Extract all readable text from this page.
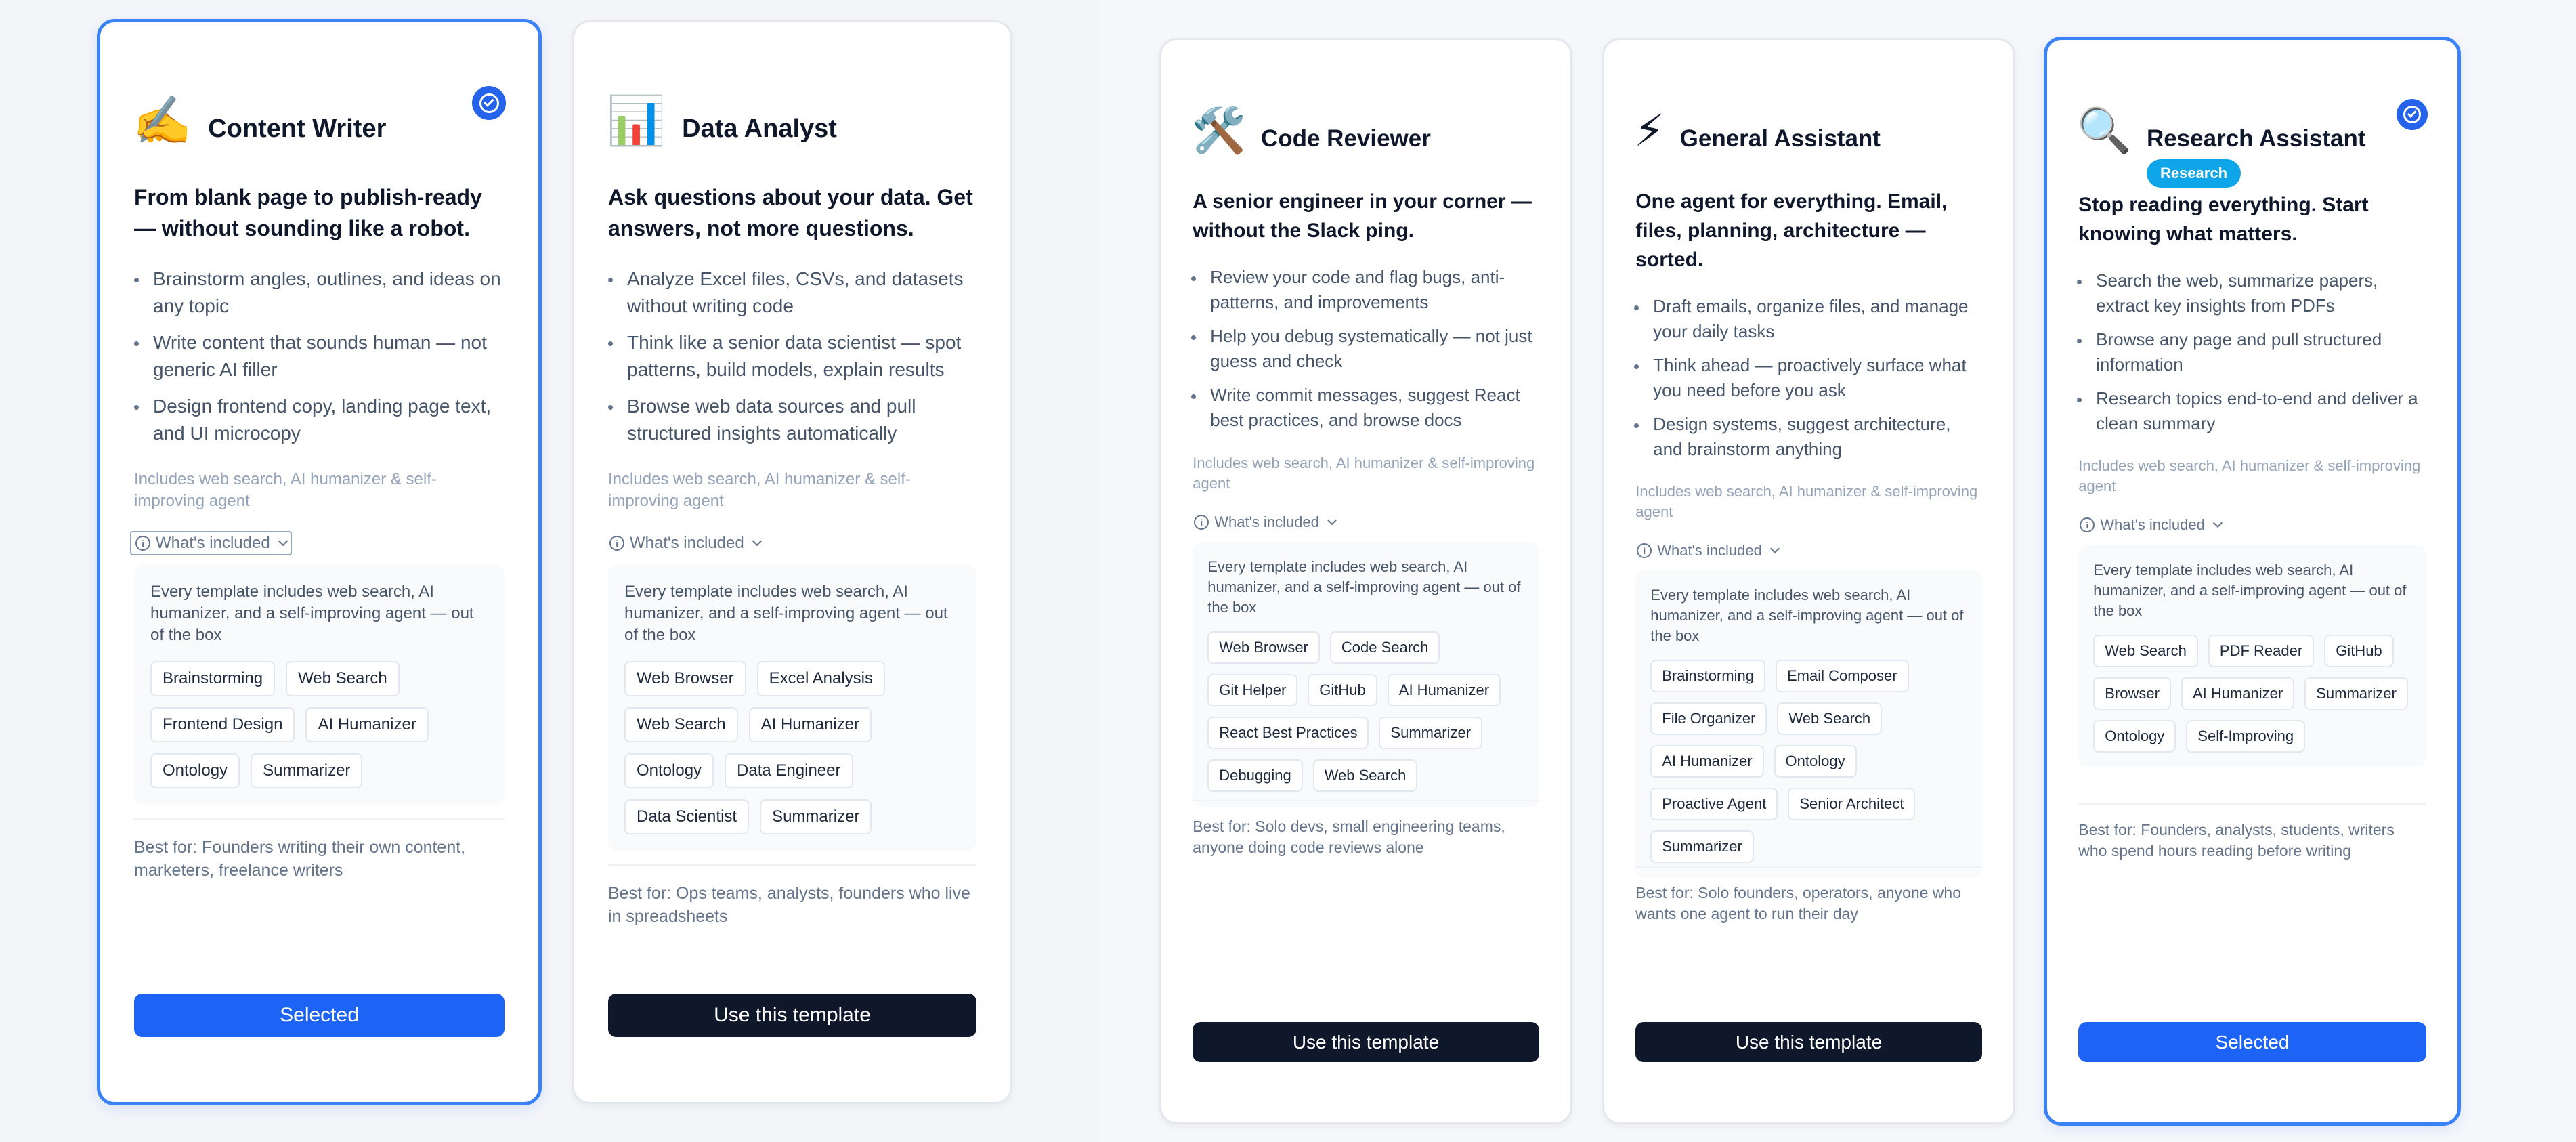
✍️ Content Writer
From blank page to publish-ready — without sounding like a robot.
Brainstorm angles, outlines, and ideas on any topic
Write content that sounds human — not generic AI filler
Design frontend copy, landing page text, and UI microcopy
Includes web search, AI humanizer & self-improving agent
i What's included
Every template includes web search, AI humanizer, and a self-improving agent — out of the box
Brainstorming	Web Search
Frontend Design	AI Humanizer
Ontology	Summarizer
Best for: Founders writing their own content, marketers, freelance writers
Selected
📊 Data Analyst
Ask questions about your data. Get answers, not more questions.
Analyze Excel files, CSVs, and datasets without writing code
Think like a senior data scientist — spot patterns, build models, explain results
Browse web data sources and pull structured insights automatically
Includes web search, AI humanizer & self-improving agent
i What's included
Every template includes web search, AI humanizer, and a self-improving agent — out of the box
Web Browser	Excel Analysis
Web Search	AI Humanizer
Ontology	Data Engineer
Data Scientist	Summarizer
Best for: Ops teams, analysts, founders who live in spreadsheets
Use this template
🛠️ Code Reviewer
A senior engineer in your corner — without the Slack ping.
Review your code and flag bugs, anti-patterns, and improvements
Help you debug systematically — not just guess and check
Write commit messages, suggest React best practices, and browse docs
Includes web search, AI humanizer & self-improving agent
i What's included
Every template includes web search, AI humanizer, and a self-improving agent — out of the box
Web Browser	Code Search
Git Helper	GitHub	AI Humanizer
React Best Practices	Summarizer
Debugging	Web Search
Best for: Solo devs, small engineering teams, anyone doing code reviews alone
Use this template
⚡ General Assistant
One agent for everything. Email, files, planning, architecture — sorted.
Draft emails, organize files, and manage your daily tasks
Think ahead — proactively surface what you need before you ask
Design systems, suggest architecture, and brainstorm anything
Includes web search, AI humanizer & self-improving agent
i What's included
Every template includes web search, AI humanizer, and a self-improving agent — out of the box
Brainstorming	Email Composer
File Organizer	Web Search
AI Humanizer	Ontology
Proactive Agent	Senior Architect
Summarizer
Best for: Solo founders, operators, anyone who wants one agent to run their day
Use this template
🔍 Research Assistant
Research
Stop reading everything. Start knowing what matters.
Search the web, summarize papers, extract key insights from PDFs
Browse any page and pull structured information
Research topics end-to-end and deliver a clean summary
Includes web search, AI humanizer & self-improving agent
i What's included
Every template includes web search, AI humanizer, and a self-improving agent — out of the box
Web Search	PDF Reader	GitHub
Browser	AI Humanizer	Summarizer
Ontology	Self-Improving
Best for: Founders, analysts, students, writers who spend hours reading before writing
Selected
